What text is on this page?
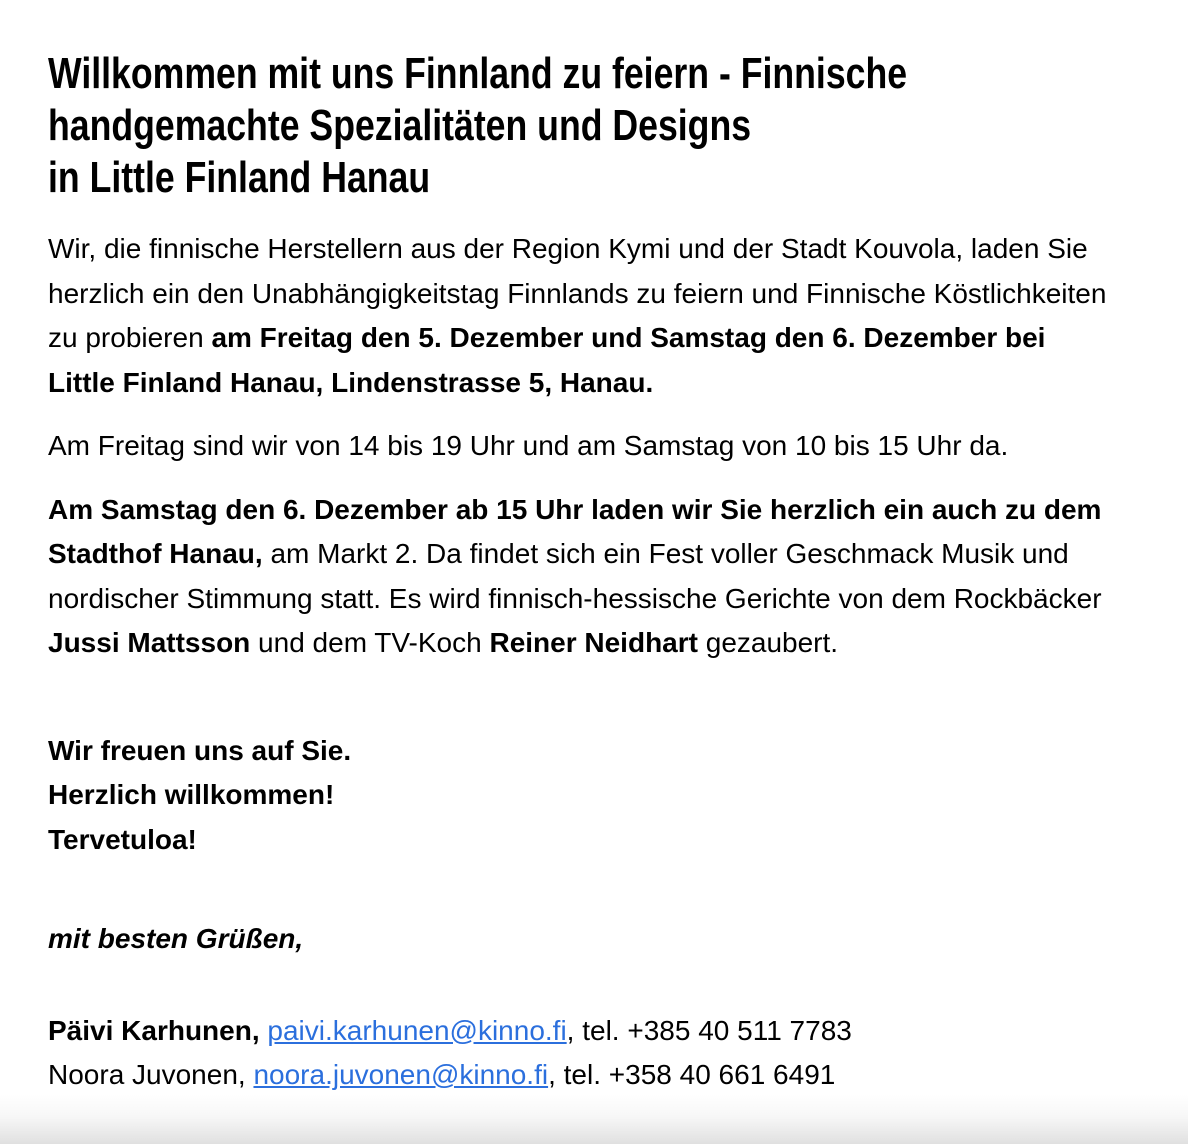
Willkommen mit uns Finnland zu feiern - Finnische
handgemachte Spezialitäten und Designs
in Little Finland Hanau

Wir, die finnische Herstellern aus der Region Kymi und der Stadt Kouvola, laden Sie herzlich ein den Unabhängigkeitstag Finnlands zu feiern und Finnische Köstlichkeiten zu probieren am Freitag den 5. Dezember und Samstag den 6. Dezember bei Little Finland Hanau, Lindenstrasse 5, Hanau.

Am Freitag sind wir von 14 bis 19 Uhr und am Samstag von 10 bis 15 Uhr da.

Am Samstag den 6. Dezember ab 15 Uhr laden wir Sie herzlich ein auch zu dem Stadthof Hanau, am Markt 2. Da findet sich ein Fest voller Geschmack Musik und nordischer Stimmung statt. Es wird finnisch-hessische Gerichte von dem Rockbäcker Jussi Mattsson und dem TV-Koch Reiner Neidhart gezaubert.

Wir freuen uns auf Sie.
Herzlich willkommen!
Tervetuloa!

mit besten Grüßen,

Päivi Karhunen, paivi.karhunen@kinno.fi, tel. +385 40 511 7783
Noora Juvonen, noora.juvonen@kinno.fi, tel. +358 40 661 6491
